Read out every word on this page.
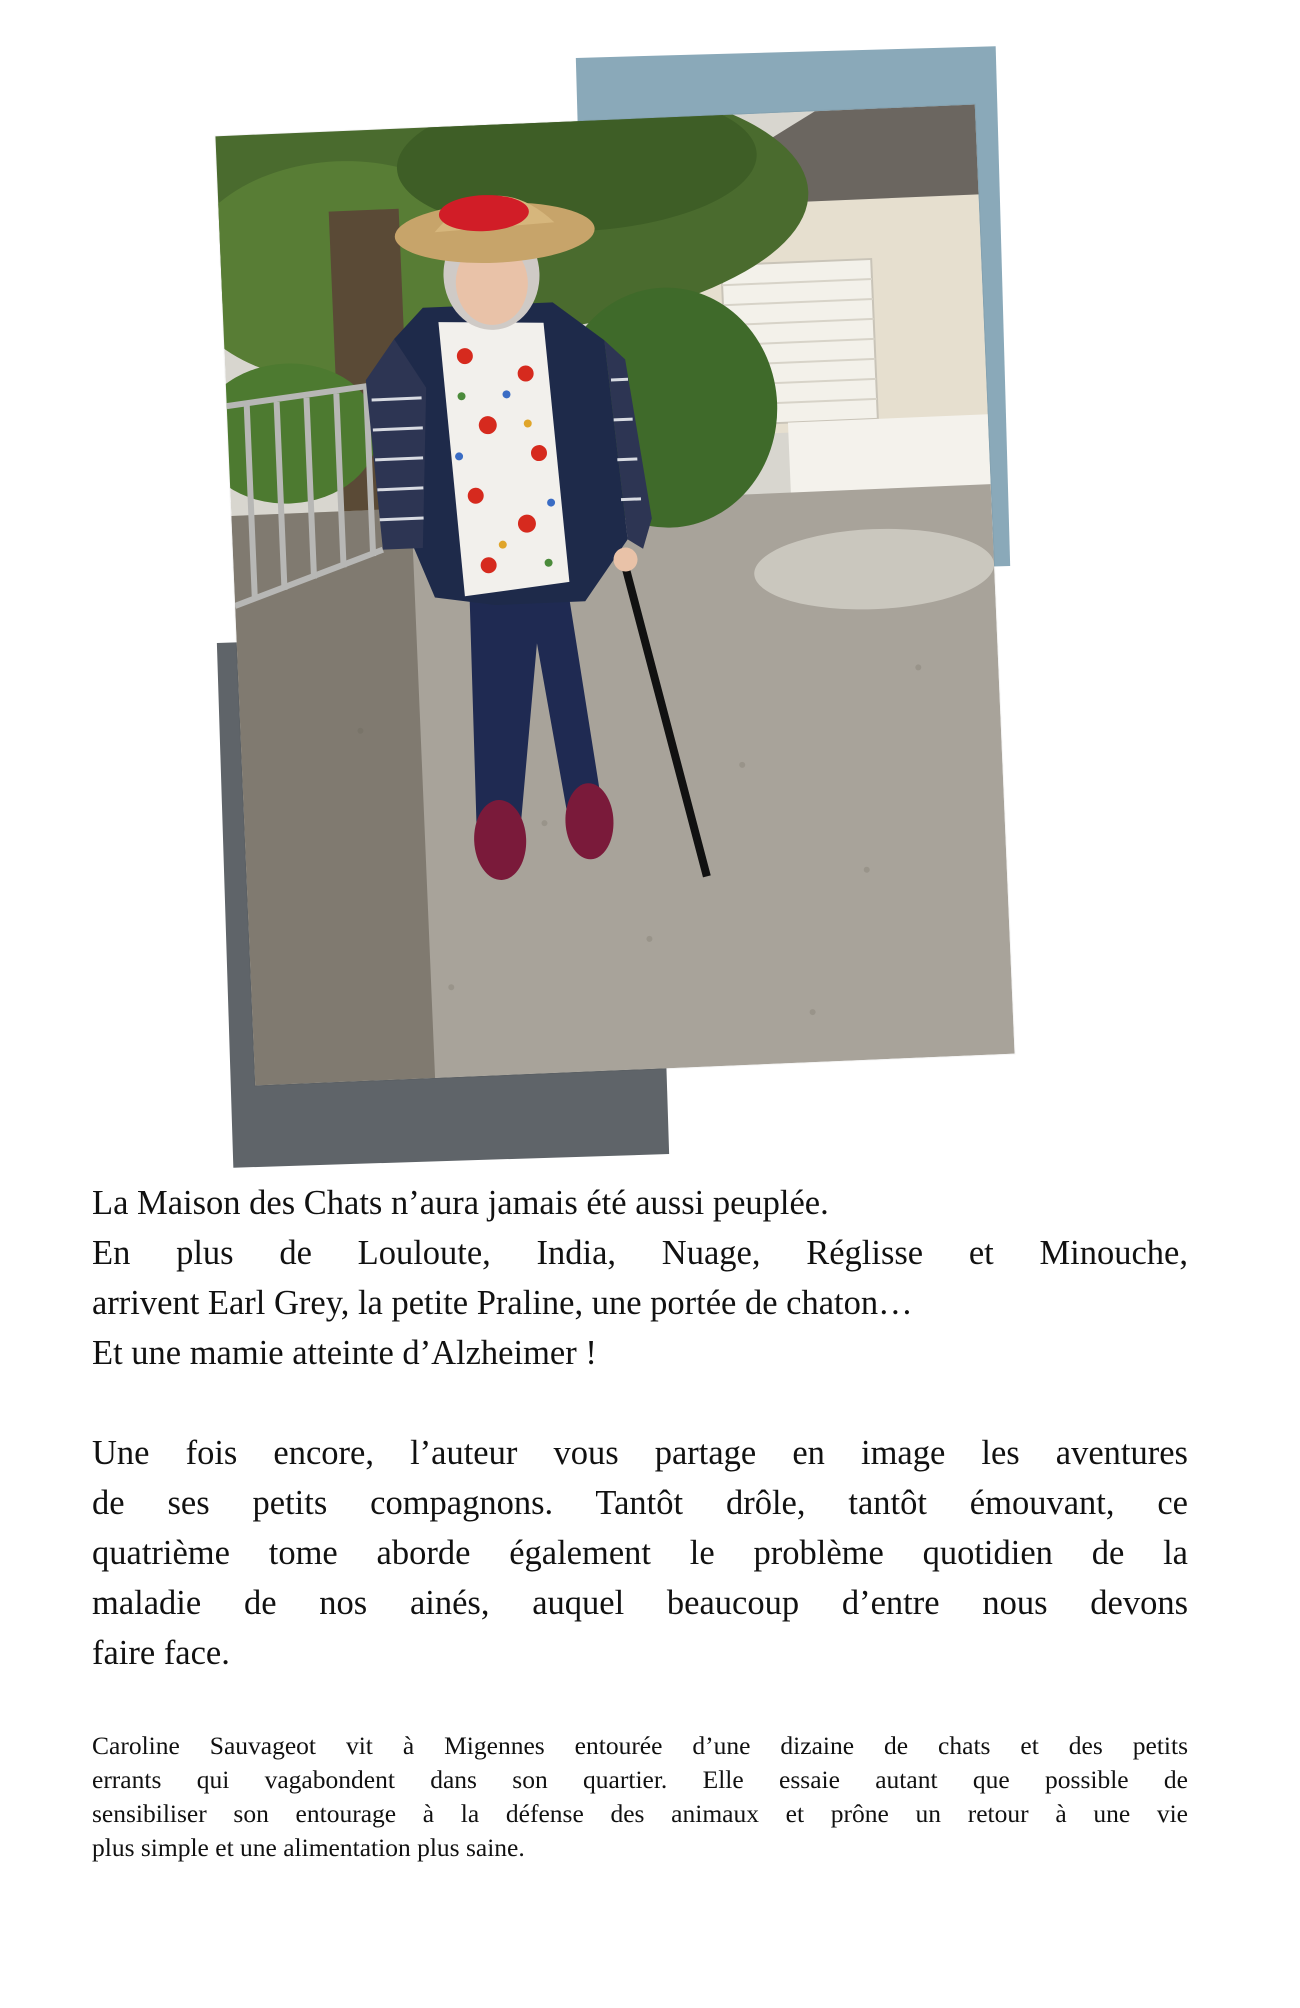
La Maison des Chats n’aura jamais été aussi peuplée.
En plus de Louloute, India, Nuage, Réglisse et Minouche,
arrivent Earl Grey, la petite Praline, une portée de chaton…
Et une mamie atteinte d’Alzheimer !

Une fois encore, l’auteur vous partage en image les aventures
de ses petits compagnons. Tantôt drôle, tantôt émouvant, ce
quatrième tome aborde également le problème quotidien de la
maladie de nos ainés, auquel beaucoup d’entre nous devons
faire face.

Caroline Sauvageot vit à Migennes entourée d’une dizaine de chats et des petits
errants qui vagabondent dans son quartier. Elle essaie autant que possible de
sensibiliser son entourage à la défense des animaux et prône un retour à une vie
plus simple et une alimentation plus saine.
